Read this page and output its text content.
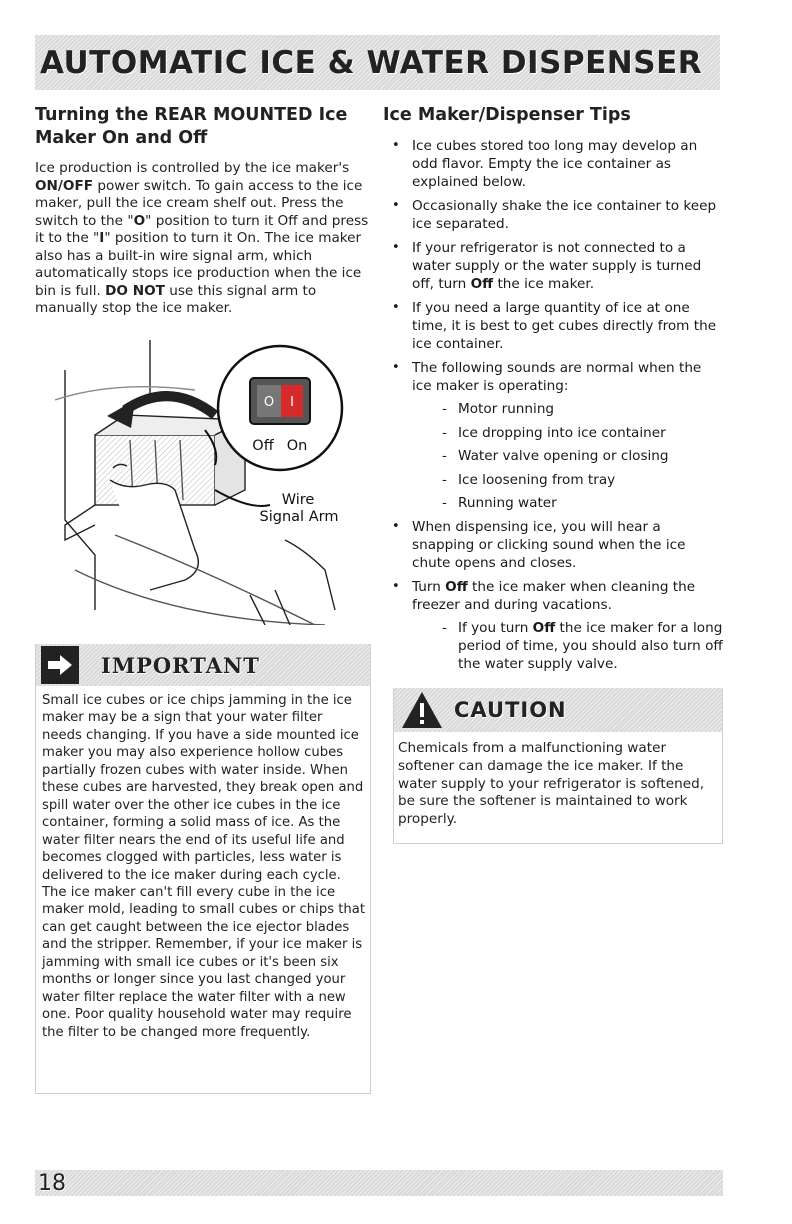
AUTOMATIC ICE & WATER DISPENSER
Turning the REAR MOUNTED Ice
Maker On and Off

Ice production is controlled by the ice maker's ON/OFF power switch. To gain access to the ice maker, pull the ice cream shelf out. Press the switch to the "O" position to turn it Off and press it to the "I" position to turn it On. The ice maker also has a built-in wire signal arm, which automatically stops ice production when the ice bin is full. DO NOT use this signal arm to manually stop the ice maker.

O I
Off On
Wire
Signal Arm
IMPORTANT
Small ice cubes or ice chips jamming in the ice maker may be a sign that your water filter needs changing. If you have a side mounted ice maker you may also experience hollow cubes partially frozen cubes with water inside. When these cubes are harvested, they break open and spill water over the other ice cubes in the ice container, forming a solid mass of ice. As the water filter nears the end of its useful life and becomes clogged with particles, less water is delivered to the ice maker during each cycle. The ice maker can't fill every cube in the ice maker mold, leading to small cubes or chips that can get caught between the ice ejector blades and the stripper. Remember, if your ice maker is jamming with small ice cubes or it's been six months or longer since you last changed your water filter replace the water filter with a new one. Poor quality household water may require the filter to be changed more frequently.
Ice Maker/Dispenser Tips
• Ice cubes stored too long may develop an odd flavor. Empty the ice container as explained below.
• Occasionally shake the ice container to keep ice separated.
• If your refrigerator is not connected to a water supply or the water supply is turned off, turn Off the ice maker.
• If you need a large quantity of ice at one time, it is best to get cubes directly from the ice container.
• The following sounds are normal when the ice maker is operating:
- Motor running
- Ice dropping into ice container
- Water valve opening or closing
- Ice loosening from tray
- Running water
• When dispensing ice, you will hear a snapping or clicking sound when the ice chute opens and closes.
• Turn Off the ice maker when cleaning the freezer and during vacations.
- If you turn Off the ice maker for a long period of time, you should also turn off the water supply valve.
CAUTION
Chemicals from a malfunctioning water softener can damage the ice maker. If the water supply to your refrigerator is softened, be sure the softener is maintained to work properly.
18
